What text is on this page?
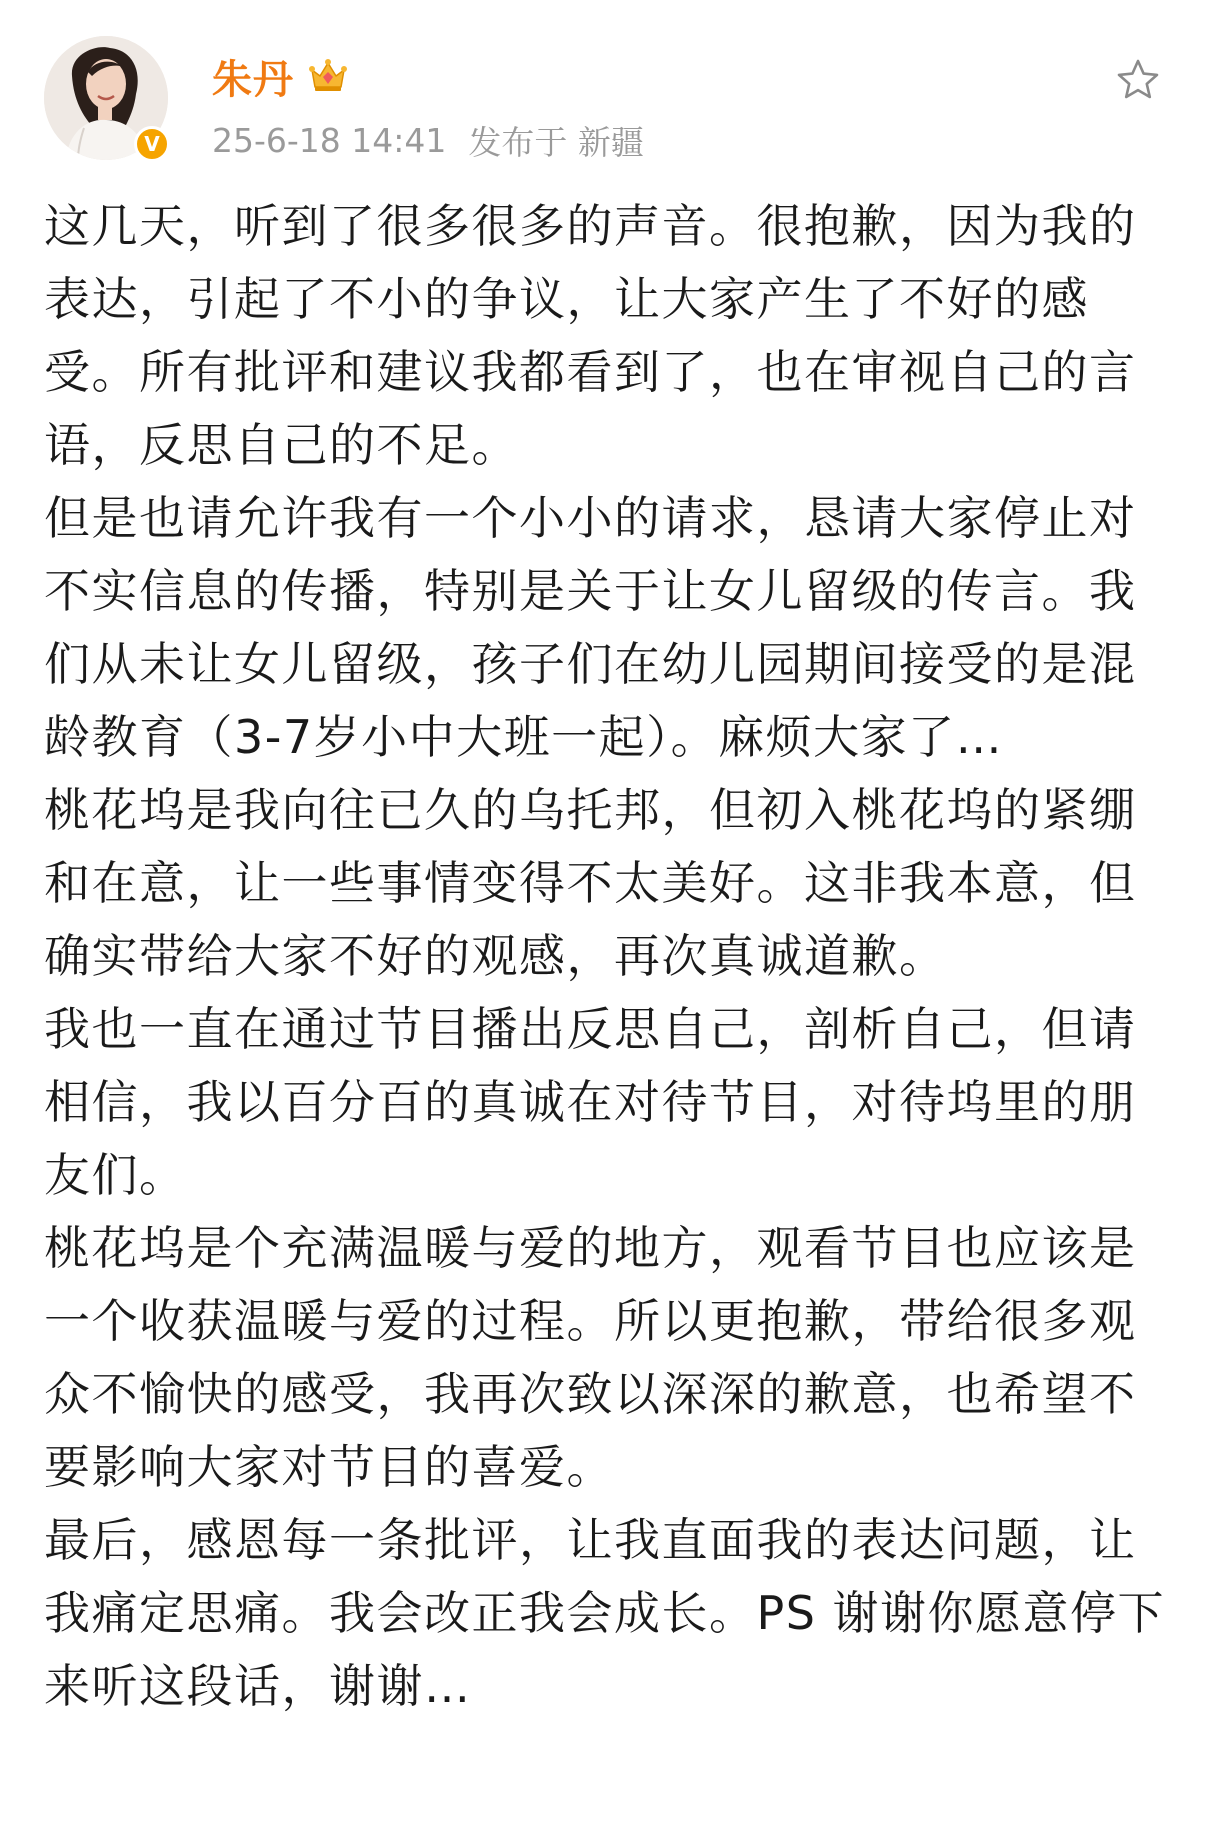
V
朱丹
25-6-18 14:41 发布于 新疆

这几天，听到了很多很多的声音。很抱歉，因为我的表达，引起了不小的争议，让大家产生了不好的感受。所有批评和建议我都看到了，也在审视自己的言语，反思自己的不足。

但是也请允许我有一个小小的请求，恳请大家停止对不实信息的传播，特别是关于让女儿留级的传言。我们从未让女儿留级，孩子们在幼儿园期间接受的是混龄教育（3-7岁小中大班一起）。麻烦大家了…

桃花坞是我向往已久的乌托邦，但初入桃花坞的紧绷和在意，让一些事情变得不太美好。这非我本意，但确实带给大家不好的观感，再次真诚道歉。

我也一直在通过节目播出反思自己，剖析自己，但请相信，我以百分百的真诚在对待节目，对待坞里的朋友们。

桃花坞是个充满温暖与爱的地方，观看节目也应该是一个收获温暖与爱的过程。所以更抱歉，带给很多观众不愉快的感受，我再次致以深深的歉意，也希望不要影响大家对节目的喜爱。

最后，感恩每一条批评，让我直面我的表达问题，让我痛定思痛。我会改正我会成长。PS 谢谢你愿意停下来听这段话，谢谢…
